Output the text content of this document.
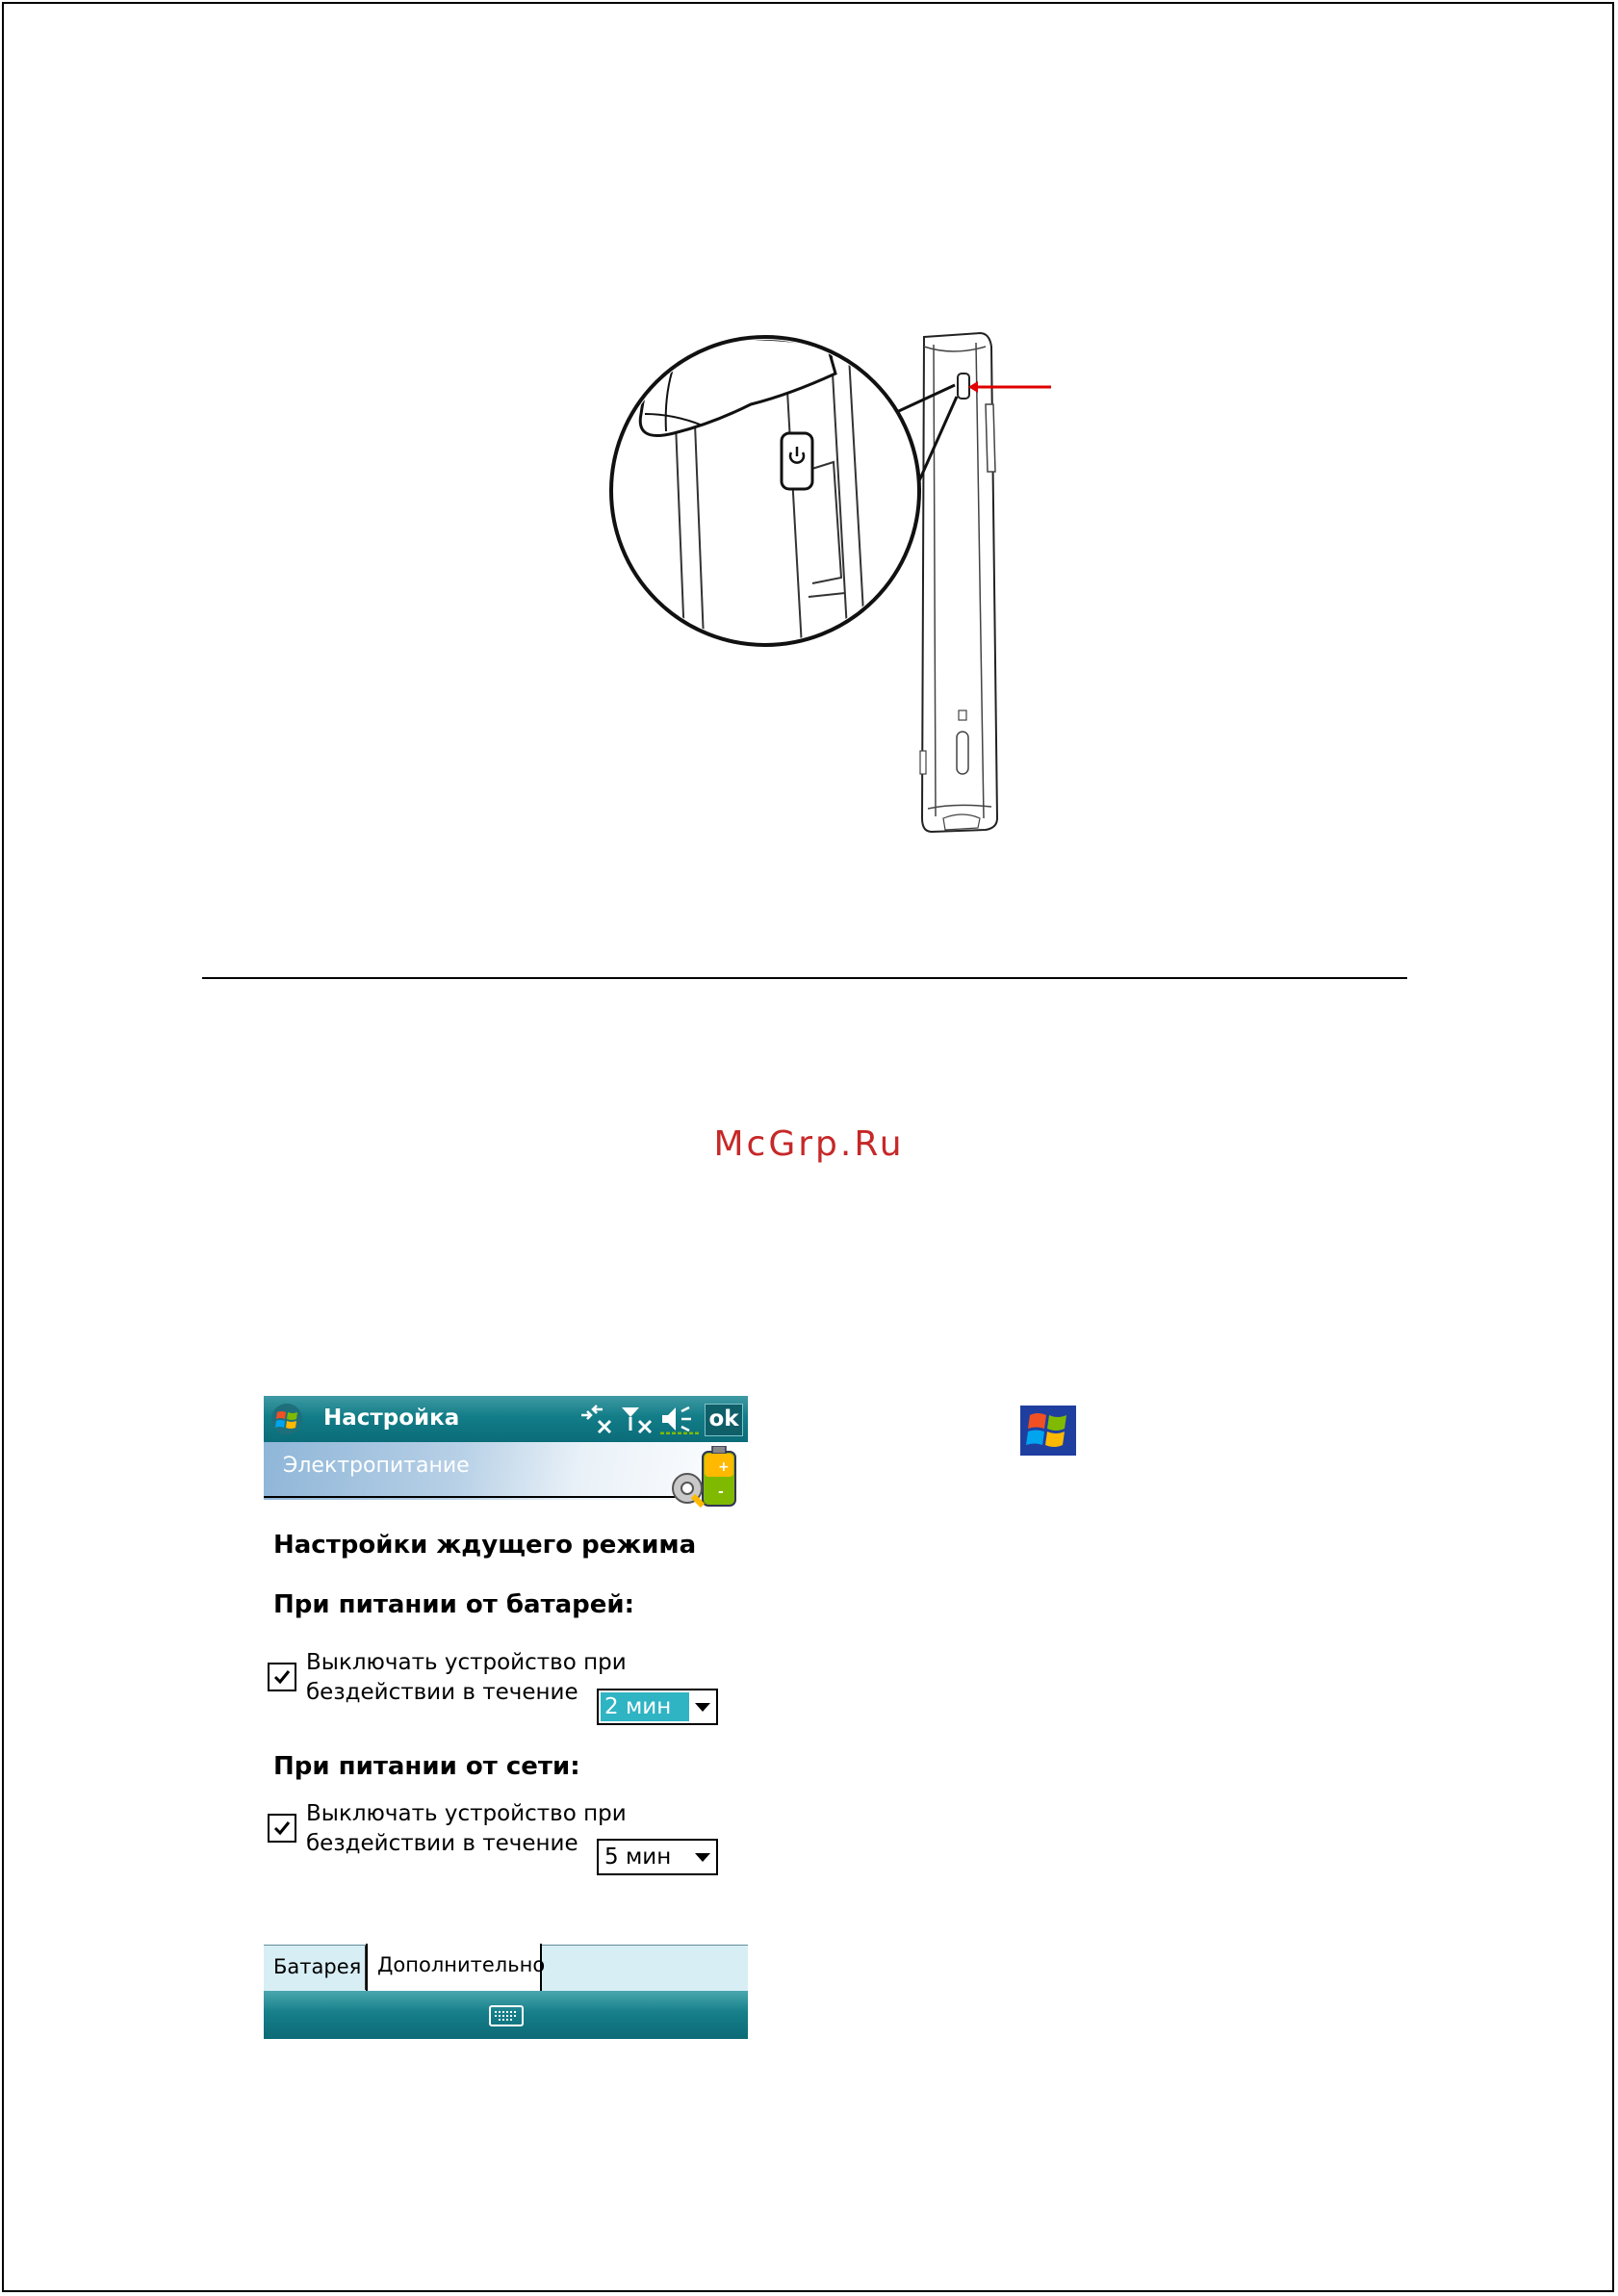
McGrp.Ru
Настройка	ok
Электропитание	+
-
Настройки ждущего режима
При питании от батарей:
Выключать устройство при
бездействии в течение
2 мин
При питании от сети:
Выключать устройство при
бездействии в течение
5 мин
Батарея Дополнительно
